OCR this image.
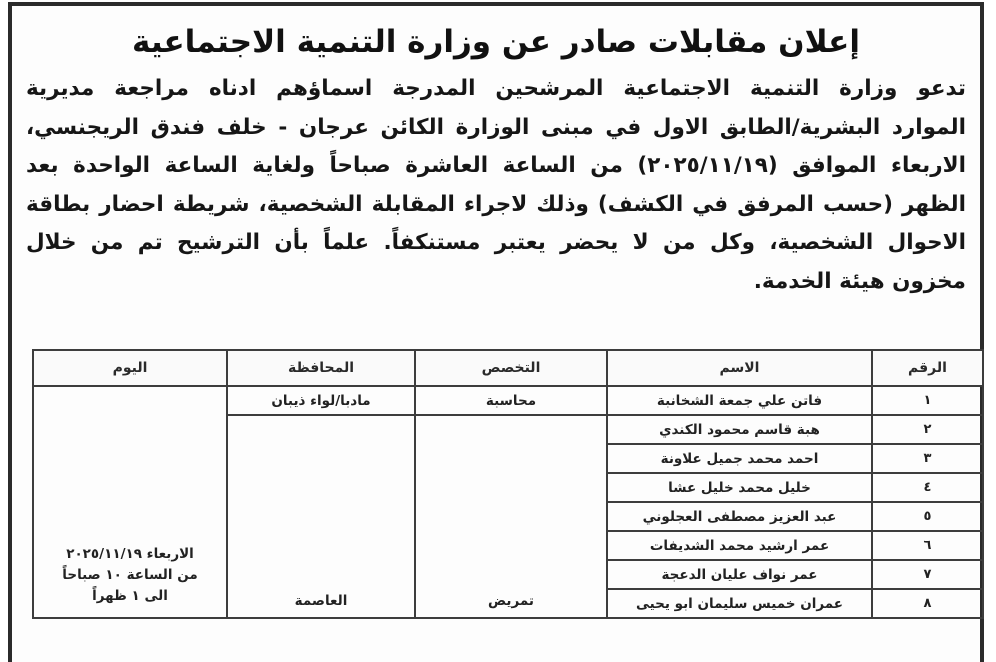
إعلان مقابلات صادر عن وزارة التنمية الاجتماعية
تدعو وزارة التنمية الاجتماعية المرشحين المدرجة اسماؤهم ادناه مراجعة مديرية
الموارد البشرية/الطابق الاول في مبنى الوزارة الكائن عرجان - خلف فندق الريجنسي،
الاربعاء الموافق (٢٠٢٥/١١/١٩) من الساعة العاشرة صباحاً ولغاية الساعة الواحدة بعد
الظهر (حسب المرفق في الكشف) وذلك لاجراء المقابلة الشخصية، شريطة احضار بطاقة
الاحوال الشخصية، وكل من لا يحضر يعتبر مستنكفاً. علماً بأن الترشيح تم من خلال
مخزون هيئة الخدمة.
الرقم	الاسم	التخصص	المحافظة	اليوم
١	فاتن علي جمعة الشخانبة	محاسبة	مادبا/لواء ذيبان	الاربعاء ٢٠٢٥/١١/١٩
من الساعة ١٠ صباحاً
الى ١ ظهراً

٢	هبة قاسم محمود الكندي	تمريض	العاصمة	
٣	احمد محمد جميل علاونة			
٤	خليل محمد خليل عشا			
٥	عبد العزيز مصطفى العجلوني			
٦	عمر ارشيد محمد الشديفات			
٧	عمر نواف عليان الدعجة			
٨	عمران خميس سليمان ابو يحيى			
